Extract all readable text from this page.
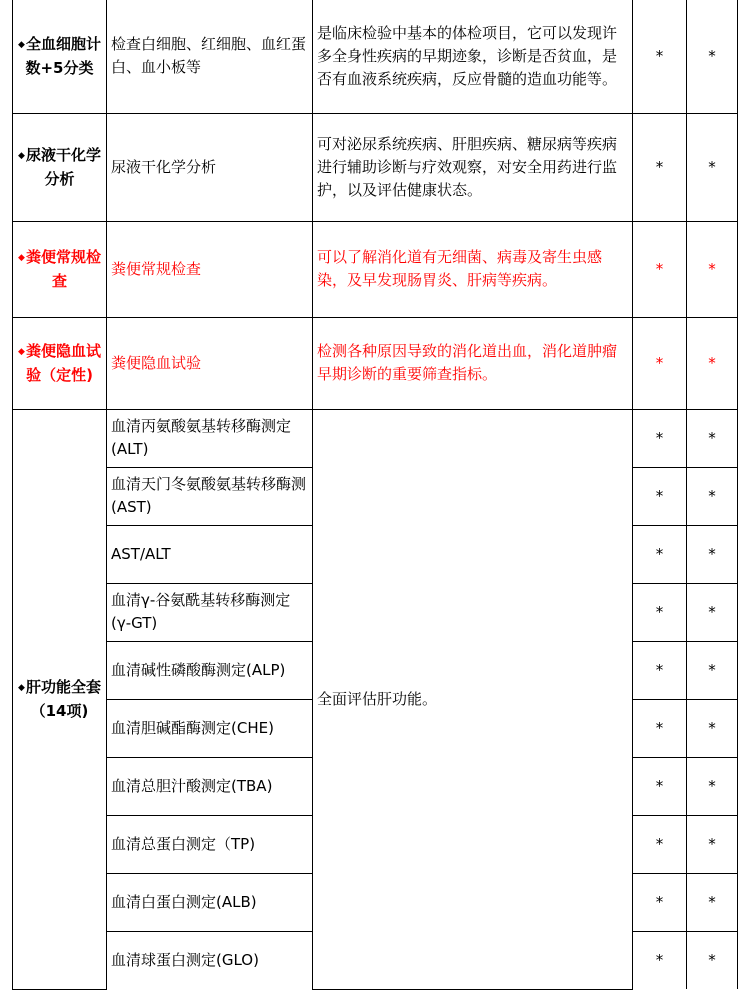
◆全血细胞计数+5分类	检查白细胞、红细胞、血红蛋白、血小板等	是临床检验中基本的体检项目，它可以发现许多全身性疾病的早期迹象，诊断是否贫血，是否有血液系统疾病，反应骨髓的造血功能等。	*	*
◆尿液干化学分析	尿液干化学分析	可对泌尿系统疾病、肝胆疾病、糖尿病等疾病进行辅助诊断与疗效观察，对安全用药进行监护，以及评估健康状态。	*	*
◆粪便常规检查	粪便常规检查	可以了解消化道有无细菌、病毒及寄生虫感染，及早发现肠胃炎、肝病等疾病。	*	*
◆粪便隐血试验（定性)	粪便隐血试验	检测各种原因导致的消化道出血，消化道肿瘤早期诊断的重要筛查指标。	*	*
◆肝功能全套（14项)	血清丙氨酸氨基转移酶测定(ALT)	全面评估肝功能。	*	*
	血清天门冬氨酸氨基转移酶测(AST)		*	*
	AST/ALT		*	*
	血清γ-谷氨酰基转移酶测定(γ-GT)		*	*
	血清碱性磷酸酶测定(ALP)		*	*
	血清胆碱酯酶测定(CHE)		*	*
	血清总胆汁酸测定(TBA)		*	*
	血清总蛋白测定（TP)		*	*
	血清白蛋白测定(ALB)		*	*
	血清球蛋白测定(GLO)		*	*
